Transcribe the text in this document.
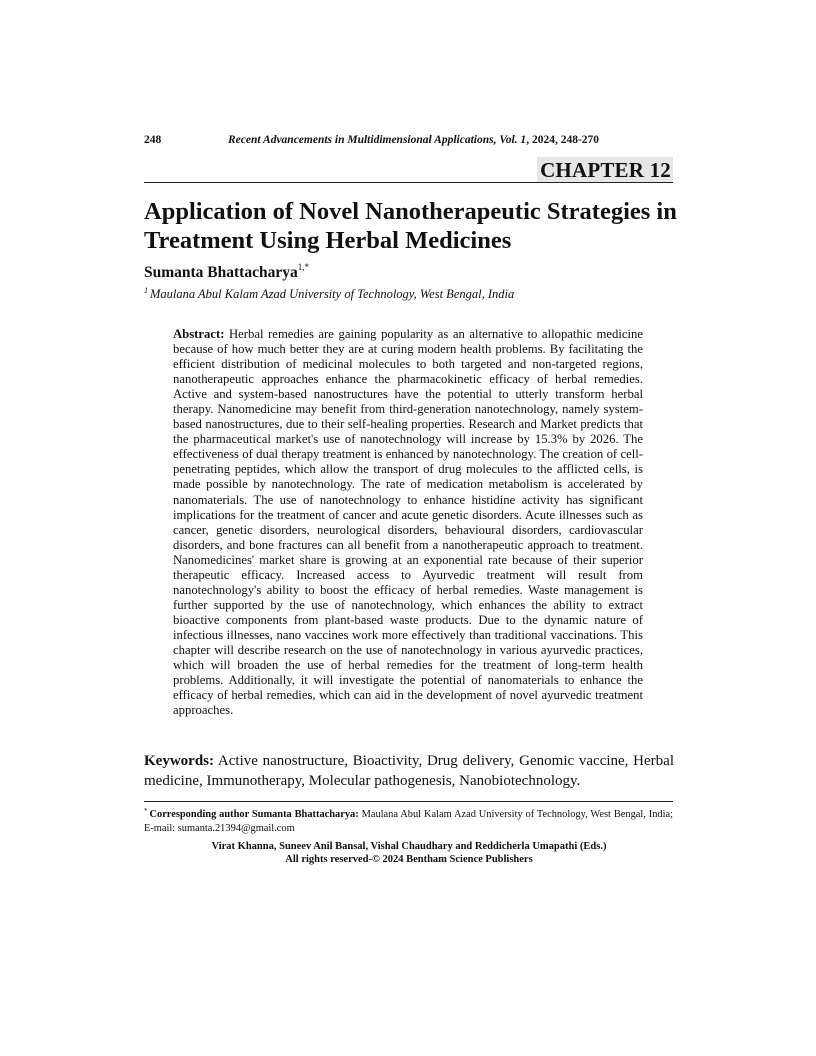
248	Recent Advancements in Multidimensional Applications, Vol. 1, 2024, 248-270
CHAPTER 12
Application of Novel Nanotherapeutic Strategies in
Treatment Using Herbal Medicines
Sumanta Bhattacharya$^{1,*}$
$^1$ Maulana Abul Kalam Azad University of Technology, West Bengal, India
Abstract: Herbal remedies are gaining popularity as an alternative to allopathic medicine because of how much better they are at curing modern health problems. By facilitating the efficient distribution of medicinal molecules to both targeted and non-targeted regions, nanotherapeutic approaches enhance the pharmacokinetic efficacy of herbal remedies. Active and system-based nanostructures have the potential to utterly transform herbal therapy. Nanomedicine may benefit from third-generation nanotechnology, namely system-based nanostructures, due to their self-healing properties. Research and Market predicts that the pharmaceutical market's use of nanotechnology will increase by 15.3% by 2026. The effectiveness of dual therapy treatment is enhanced by nanotechnology. The creation of cell-penetrating peptides, which allow the transport of drug molecules to the afflicted cells, is made possible by nanotechnology. The rate of medication metabolism is accelerated by nanomaterials. The use of nanotechnology to enhance histidine activity has significant implications for the treatment of cancer and acute genetic disorders. Acute illnesses such as cancer, genetic disorders, neurological disorders, behavioural disorders, cardiovascular disorders, and bone fractures can all benefit from a nanotherapeutic approach to treatment. Nanomedicines' market share is growing at an exponential rate because of their superior therapeutic efficacy. Increased access to Ayurvedic treatment will result from nanotechnology's ability to boost the efficacy of herbal remedies. Waste management is further supported by the use of nanotechnology, which enhances the ability to extract bioactive components from plant-based waste products. Due to the dynamic nature of infectious illnesses, nano vaccines work more effectively than traditional vaccinations. This chapter will describe research on the use of nanotechnology in various ayurvedic practices, which will broaden the use of herbal remedies for the treatment of long-term health problems. Additionally, it will investigate the potential of nanomaterials to enhance the efficacy of herbal remedies, which can aid in the development of novel ayurvedic treatment approaches.
Keywords: Active nanostructure, Bioactivity, Drug delivery, Genomic vaccine, Herbal medicine, Immunotherapy, Molecular pathogenesis, Nanobiotechnology.
* Corresponding author Sumanta Bhattacharya: Maulana Abul Kalam Azad University of Technology, West Bengal, India; E-mail: sumanta.21394@gmail.com
Virat Khanna, Suneev Anil Bansal, Vishal Chaudhary and Reddicherla Umapathi (Eds.)
All rights reserved-© 2024 Bentham Science Publishers
